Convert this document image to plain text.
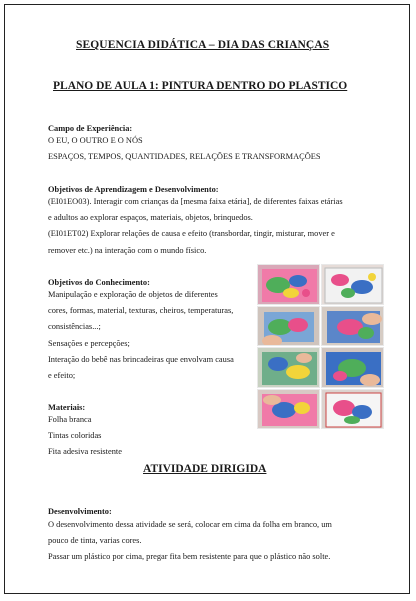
SEQUENCIA DIDÁTICA – DIA DAS CRIANÇAS

PLANO DE AULA 1: PINTURA DENTRO DO PLASTICO

Campo de Experiência:

O EU, O OUTRO E O NÓS
ESPAÇOS, TEMPOS, QUANTIDADES, RELAÇÕES E TRANSFORMAÇÕES

Objetivos de Aprendizagem e Desenvolvimento:

(EI01EO03). Interagir com crianças da [mesma faixa etária], de diferentes faixas etárias
e adultos ao explorar espaços, materiais, objetos, brinquedos.
(EI01ET02) Explorar relações de causa e efeito (transbordar, tingir, misturar, mover e
remover etc.) na interação com o mundo físico.

Objetivos do Conhecimento:

Manipulação e exploração de objetos de diferentes
cores, formas, material, texturas, cheiros, temperaturas,
consistências...;
Sensações e percepções;
Interação do bebê nas brincadeiras que envolvam causa
e efeito;

Materiais:

Folha branca
Tintas coloridas
Fita adesiva resistente

ATIVIDADE DIRIGIDA

Desenvolvimento:

O desenvolvimento dessa atividade se será, colocar em cima da folha em branco, um
pouco de tinta, varias cores.
Passar um plástico por cima, pregar fita bem resistente para que o plástico não solte.
